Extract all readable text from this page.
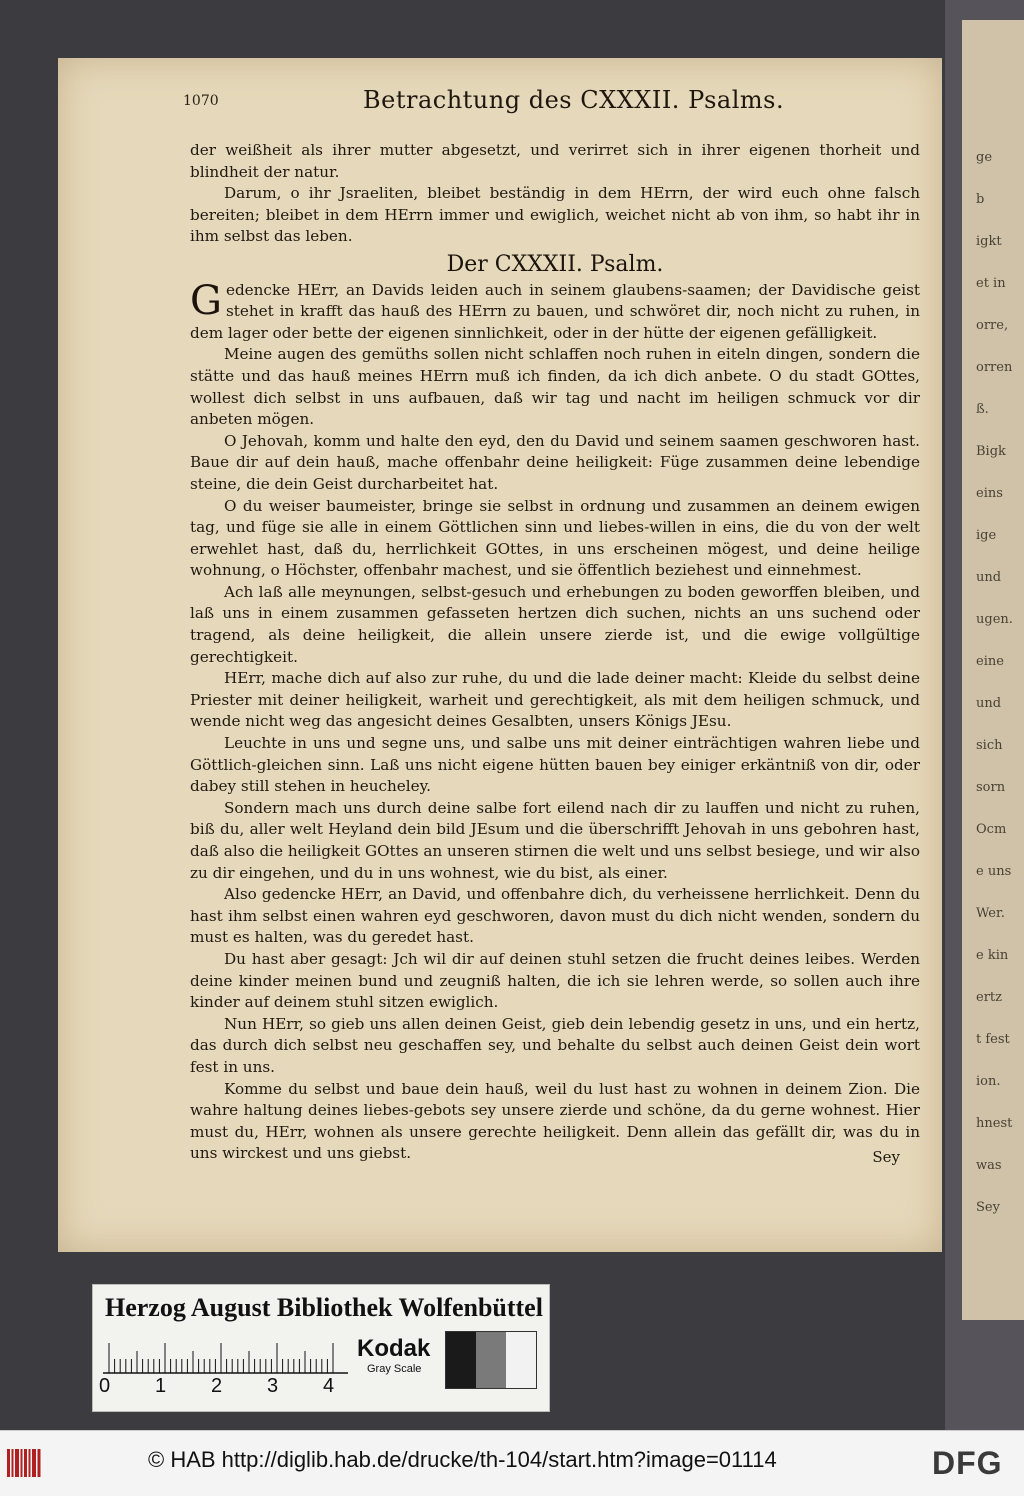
ge
b
igkt
et in
orre,
orren
ß.
Bigk
eins
ige
und
ugen.
eine
und
sich
sorn
Ocm
e uns
Wer.
e kin
ertz
t fest
ion.
hnest
was
Sey
1070	Betrachtung des CXXXII. Psalms.

der weißheit als ihrer mutter abgesetzt, und verirret sich in ihrer eigenen thorheit und blindheit der natur.

Darum, o ihr Jsraeliten, bleibet beständig in dem HErrn, der wird euch ohne falsch bereiten; bleibet in dem HErrn immer und ewiglich, weichet nicht ab von ihm, so habt ihr in ihm selbst das leben.

Der CXXXII. Psalm.

Gedencke HErr, an Davids leiden auch in seinem glaubens-saamen; der Davidische geist stehet in krafft das hauß des HErrn zu bauen, und schwöret dir, noch nicht zu ruhen, in dem lager oder bette der eigenen sinnlichkeit, oder in der hütte der eigenen gefälligkeit.

Meine augen des gemüths sollen nicht schlaffen noch ruhen in eiteln dingen, sondern die stätte und das hauß meines HErrn muß ich finden, da ich dich anbete. O du stadt GOttes, wollest dich selbst in uns aufbauen, daß wir tag und nacht im heiligen schmuck vor dir anbeten mögen.

O Jehovah, komm und halte den eyd, den du David und seinem saamen geschworen hast. Baue dir auf dein hauß, mache offenbahr deine heiligkeit: Füge zusammen deine lebendige steine, die dein Geist durcharbeitet hat.

O du weiser baumeister, bringe sie selbst in ordnung und zusammen an deinem ewigen tag, und füge sie alle in einem Göttlichen sinn und liebes-willen in eins, die du von der welt erwehlet hast, daß du, herrlichkeit GOttes, in uns erscheinen mögest, und deine heilige wohnung, o Höchster, offenbahr machest, und sie öffentlich beziehest und einnehmest.

Ach laß alle meynungen, selbst-gesuch und erhebungen zu boden geworffen bleiben, und laß uns in einem zusammen gefasseten hertzen dich suchen, nichts an uns suchend oder tragend, als deine heiligkeit, die allein unsere zierde ist, und die ewige vollgültige gerechtigkeit.

HErr, mache dich auf also zur ruhe, du und die lade deiner macht: Kleide du selbst deine Priester mit deiner heiligkeit, warheit und gerechtigkeit, als mit dem heiligen schmuck, und wende nicht weg das angesicht deines Gesalbten, unsers Königs JEsu.

Leuchte in uns und segne uns, und salbe uns mit deiner einträchtigen wahren liebe und Göttlich-gleichen sinn. Laß uns nicht eigene hütten bauen bey einiger erkäntniß von dir, oder dabey still stehen in heucheley.

Sondern mach uns durch deine salbe fort eilend nach dir zu lauffen und nicht zu ruhen, biß du, aller welt Heyland dein bild JEsum und die überschrifft Jehovah in uns gebohren hast, daß also die heiligkeit GOttes an unseren stirnen die welt und uns selbst besiege, und wir also zu dir eingehen, und du in uns wohnest, wie du bist, als einer.

Also gedencke HErr, an David, und offenbahre dich, du verheissene herrlichkeit. Denn du hast ihm selbst einen wahren eyd geschworen, davon must du dich nicht wenden, sondern du must es halten, was du geredet hast.

Du hast aber gesagt: Jch wil dir auf deinen stuhl setzen die frucht deines leibes. Werden deine kinder meinen bund und zeugniß halten, die ich sie lehren werde, so sollen auch ihre kinder auf deinem stuhl sitzen ewiglich.

Nun HErr, so gieb uns allen deinen Geist, gieb dein lebendig gesetz in uns, und ein hertz, das durch dich selbst neu geschaffen sey, und behalte du selbst auch deinen Geist dein wort fest in uns.

Komme du selbst und baue dein hauß, weil du lust hast zu wohnen in deinem Zion. Die wahre haltung deines liebes-gebots sey unsere zierde und schöne, da du gerne wohnest. Hier must du, HErr, wohnen als unsere gerechte heiligkeit. Denn allein das gefällt dir, was du in uns wirckest und uns giebst.	Sey
Herzog August Bibliothek Wolfenbüttel
0 1 2 3 4
Kodak
Gray Scale
© HAB http://diglib.hab.de/drucke/th-104/start.htm?image=01114	DFG
